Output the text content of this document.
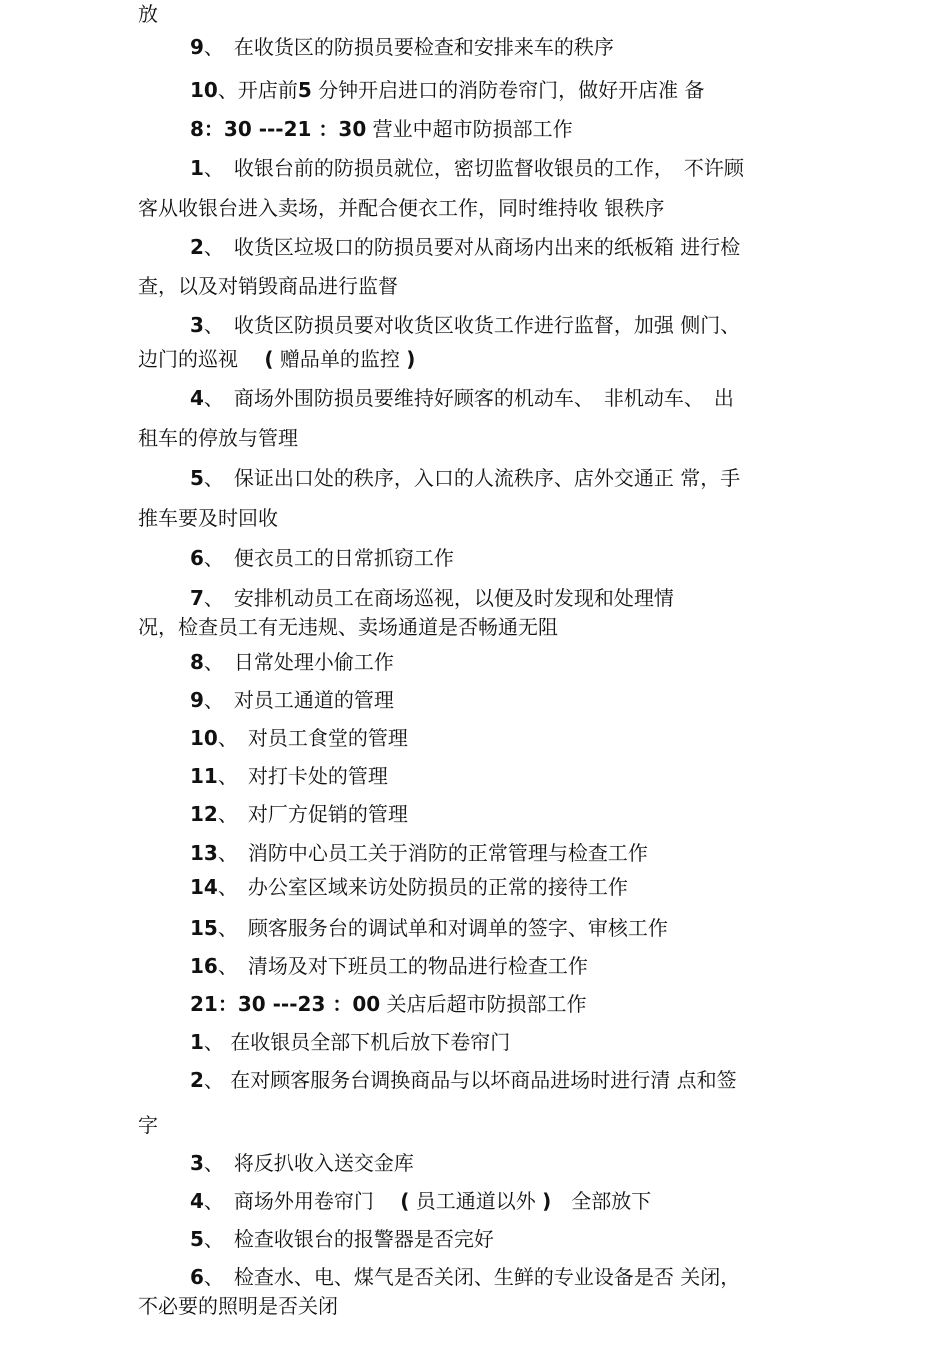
放
9、　在收货区的防损员要检查和安排来车的秩序
10、开店前5 分钟开启进口的消防卷帘门，做好开店准 备
8：30 ---21 ：30 营业中超市防损部工作
1、　收银台前的防损员就位，密切监督收银员的工作，　不许顾
客从收银台进入卖场，并配合便衣工作，同时维持收 银秩序
2、　收货区垃圾口的防损员要对从商场内出来的纸板箱 进行检
查，以及对销毁商品进行监督
3、　收货区防损员要对收货区收货工作进行监督，加强 侧门、
边门的巡视　 ( 赠品单的监控 )
4、　商场外围防损员要维持好顾客的机动车、　非机动车、　出
租车的停放与管理
5、　保证出口处的秩序，入口的人流秩序、店外交通正 常，手
推车要及时回收
6、　便衣员工的日常抓窃工作
7、　安排机动员工在商场巡视，以便及时发现和处理情
况，检查员工有无违规、卖场通道是否畅通无阻
8、　日常处理小偷工作
9、　对员工通道的管理
10、　对员工食堂的管理
11、　对打卡处的管理
12、　对厂方促销的管理
13、　消防中心员工关于消防的正常管理与检查工作
14、　办公室区域来访处防损员的正常的接待工作
15、　顾客服务台的调试单和对调单的签字、审核工作
16、　清场及对下班员工的物品进行检查工作
21：30 ---23 ：00 关店后超市防损部工作
1、 在收银员全部下机后放下卷帘门
2、 在对顾客服务台调换商品与以坏商品进场时进行清 点和签
字
3、　将反扒收入送交金库
4、　商场外用卷帘门　 ( 员工通道以外 )　全部放下
5、　检查收银台的报警器是否完好
6、　检查水、电、煤气是否关闭、生鲜的专业设备是否 关闭，
不必要的照明是否关闭
